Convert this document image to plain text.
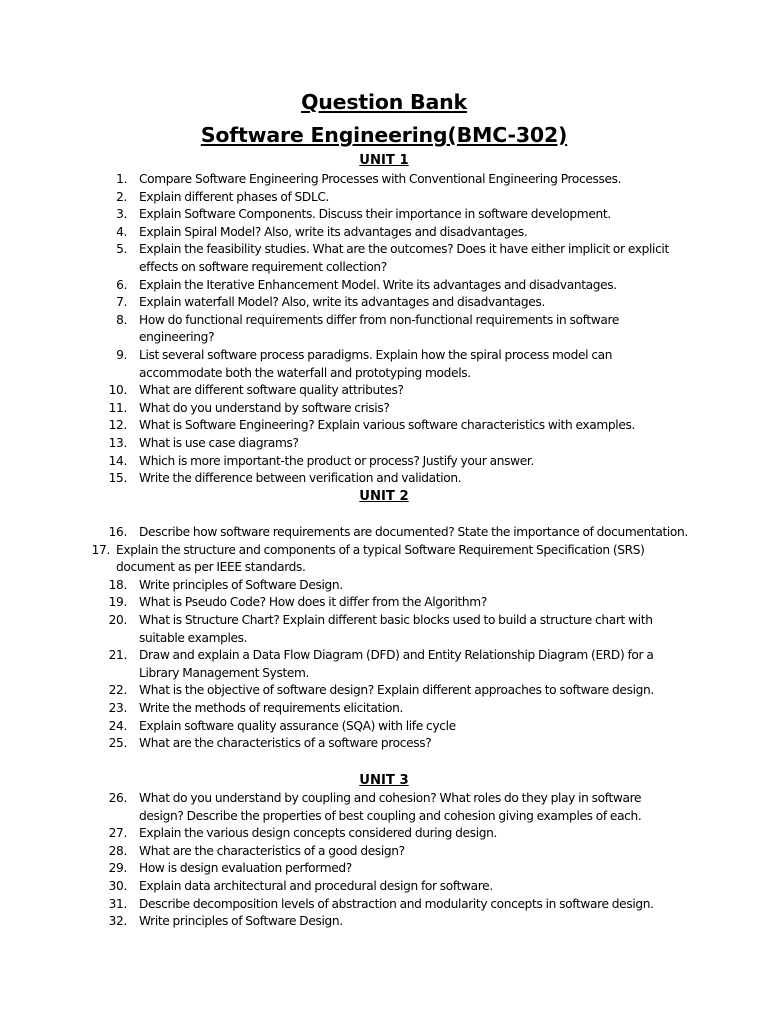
Question Bank
Software Engineering(BMC-302)
UNIT 1
1. Compare Software Engineering Processes with Conventional Engineering Processes.
2. Explain different phases of SDLC.
3. Explain Software Components. Discuss their importance in software development.
4. Explain Spiral Model? Also, write its advantages and disadvantages.
5. Explain the feasibility studies. What are the outcomes? Does it have either implicit or explicit effects on software requirement collection?
6. Explain the Iterative Enhancement Model. Write its advantages and disadvantages.
7. Explain waterfall Model? Also, write its advantages and disadvantages.
8. How do functional requirements differ from non-functional requirements in software engineering?
9. List several software process paradigms. Explain how the spiral process model can accommodate both the waterfall and prototyping models.
10. What are different software quality attributes?
11. What do you understand by software crisis?
12. What is Software Engineering? Explain various software characteristics with examples.
13. What is use case diagrams?
14. Which is more important-the product or process? Justify your answer.
15. Write the difference between verification and validation.
UNIT 2
16. Describe how software requirements are documented? State the importance of documentation.
17. Explain the structure and components of a typical Software Requirement Specification (SRS) document as per IEEE standards.
18. Write principles of Software Design.
19. What is Pseudo Code? How does it differ from the Algorithm?
20. What is Structure Chart? Explain different basic blocks used to build a structure chart with suitable examples.
21. Draw and explain a Data Flow Diagram (DFD) and Entity Relationship Diagram (ERD) for a Library Management System.
22. What is the objective of software design? Explain different approaches to software design.
23. Write the methods of requirements elicitation.
24. Explain software quality assurance (SQA) with life cycle
25. What are the characteristics of a software process?
UNIT 3
26. What do you understand by coupling and cohesion? What roles do they play in software design? Describe the properties of best coupling and cohesion giving examples of each.
27. Explain the various design concepts considered during design.
28. What are the characteristics of a good design?
29. How is design evaluation performed?
30. Explain data architectural and procedural design for software.
31. Describe decomposition levels of abstraction and modularity concepts in software design.
32. Write principles of Software Design.
